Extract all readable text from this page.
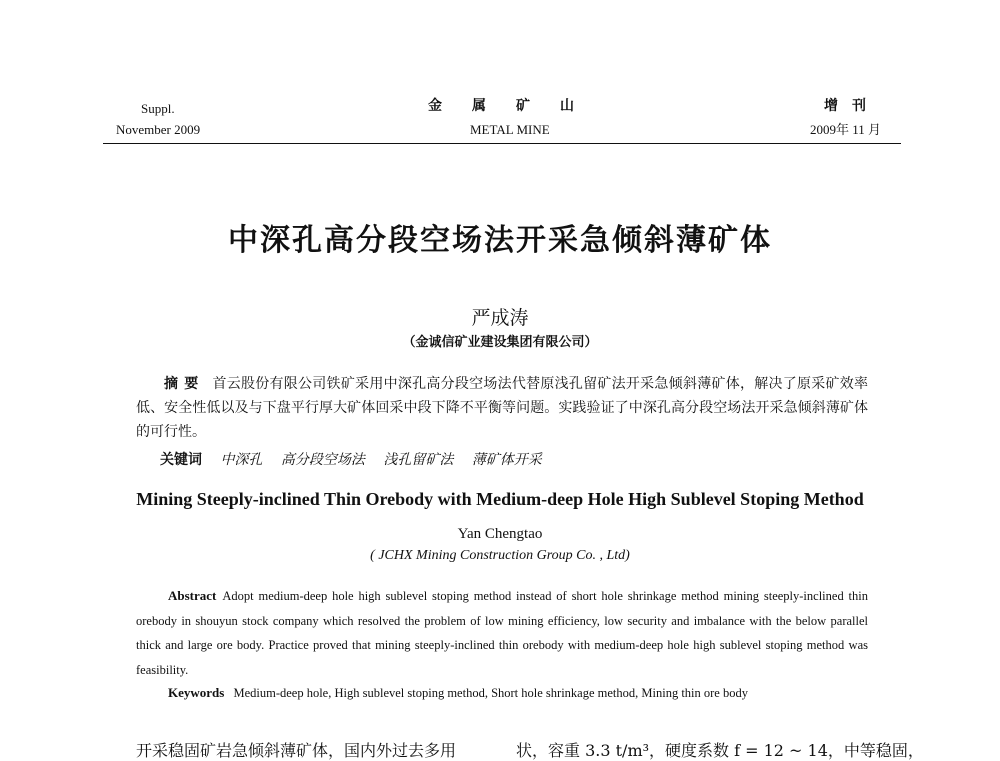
Suppl.
November 2009
金属矿山
METAL MINE
增刊
2009年 11 月
中深孔高分段空场法开采急倾斜薄矿体
严成涛
（金诚信矿业建设集团有限公司）
摘要 首云股份有限公司铁矿采用中深孔高分段空场法代替原浅孔留矿法开采急倾斜薄矿体，解决了原采矿效率低、安全性低以及与下盘平行厚大矿体回采中段下降不平衡等问题。实践验证了中深孔高分段空场法开采急倾斜薄矿体的可行性。
关键词 中深孔 高分段空场法 浅孔留矿法 薄矿体开采
Mining Steeply-inclined Thin Orebody with Medium-deep Hole High Sublevel Stoping Method
Yan Chengtao
( JCHX Mining Construction Group Co. , Ltd)
Abstract Adopt medium-deep hole high sublevel stoping method instead of short hole shrinkage method mining steeply-inclined thin orebody in shouyun stock company which resolved the problem of low mining efficiency, low security and imbalance with the below parallel thick and large ore body. Practice proved that mining steeply-inclined thin orebody with medium-deep hole high sublevel stoping method was feasibility.
Keywords Medium-deep hole, High sublevel stoping method, Short hole shrinkage method, Mining thin ore body
开采稳固矿岩急倾斜薄矿体，国内外过去多用	状，容重 3.3 t/m³，硬度系数 f = 12 ~ 14，中等稳固，
